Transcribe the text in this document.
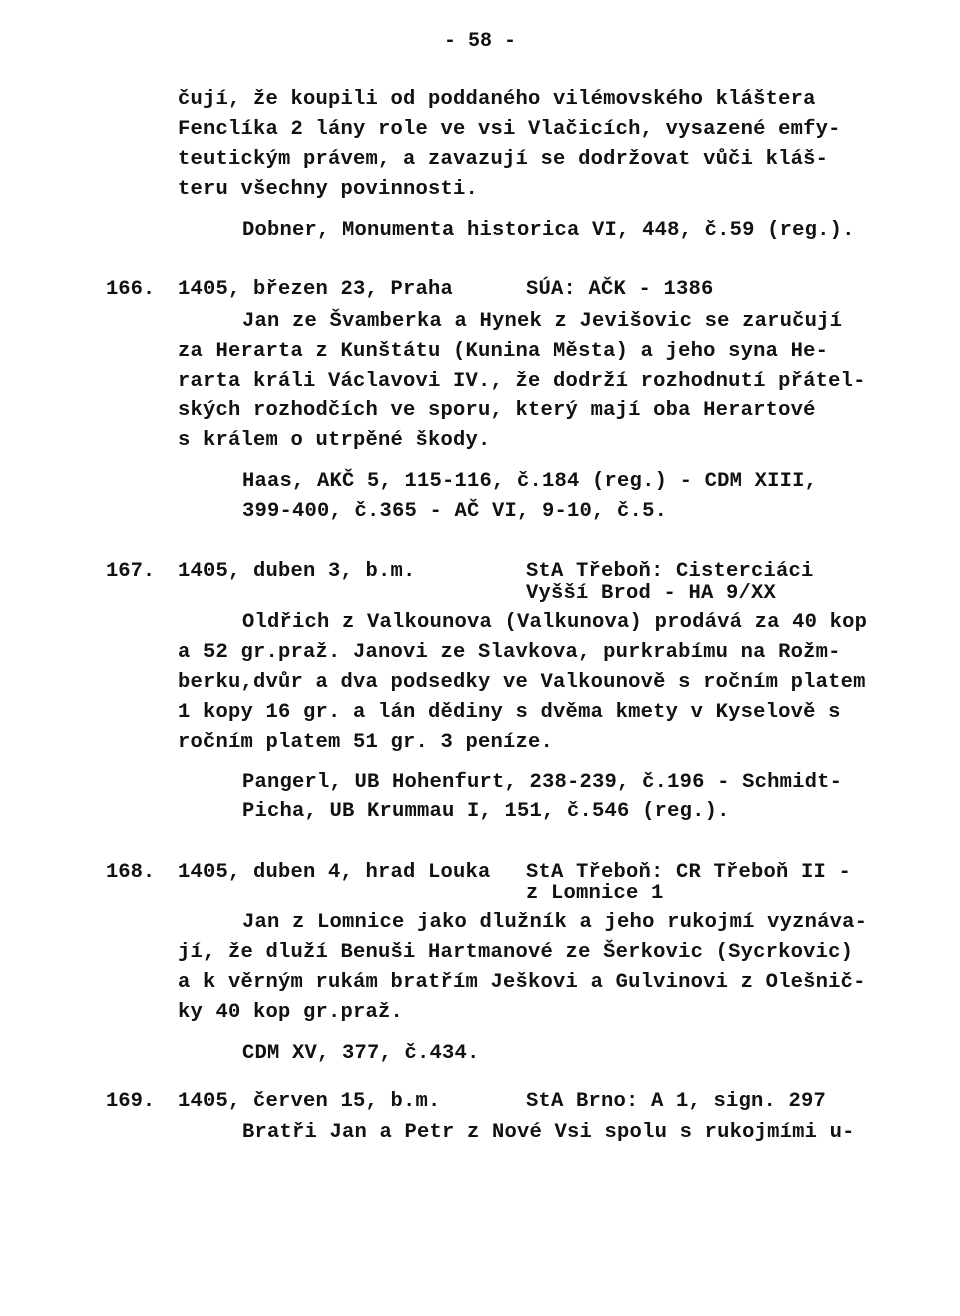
- 58 -
čují, že koupili od poddaného vilémovského kláštera
Fenclíka 2 lány role ve vsi Vlačicích, vysazené emfy-
teutickým právem, a zavazují se dodržovat vůči kláš-
teru všechny povinnosti.
Dobner, Monumenta historica VI, 448, č.59 (reg.).
166. 1405, březen 23, Praha	SÚA: AČK - 1386
Jan ze Švamberka a Hynek z Jevišovic se zaručují
za Herarta z Kunštátu (Kunina Města) a jeho syna He-
rarta králi Václavovi IV., že dodrží rozhodnutí přátel-
ských rozhodčích ve sporu, který mají oba Herartové
s králem o utrpěné škody.
Haas, AKČ 5, 115-116, č.184 (reg.) - CDM XIII,
399-400, č.365 - AČ VI, 9-10, č.5.
167. 1405, duben 3, b.m.	StA Třeboň: Cisterciáci
Vyšší Brod - HA 9/XX
Oldřich z Valkounova (Valkunova) prodává za 40 kop
a 52 gr.praž. Janovi ze Slavkova, purkrabímu na Rožm-
berku,dvůr a dva podsedky ve Valkounově s ročním platem
1 kopy 16 gr. a lán dědiny s dvěma kmety v Kyselově s
ročním platem 51 gr. 3 peníze.
Pangerl, UB Hohenfurt, 238-239, č.196 - Schmidt-
Picha, UB Krummau I, 151, č.546 (reg.).
168. 1405, duben 4, hrad Louka StA Třeboň: CR Třeboň II -
z Lomnice 1
Jan z Lomnice jako dlužník a jeho rukojmí vyznáva-
jí, že dluží Benuši Hartmanové ze Šerkovic (Sycrkovic)
a k věrným rukám bratřím Ješkovi a Gulvinovi z Olešnič-
ky 40 kop gr.praž.
CDM XV, 377, č.434.
169. 1405, červen 15, b.m.	StA Brno: A 1, sign. 297
Bratři Jan a Petr z Nové Vsi spolu s rukojmími u-
